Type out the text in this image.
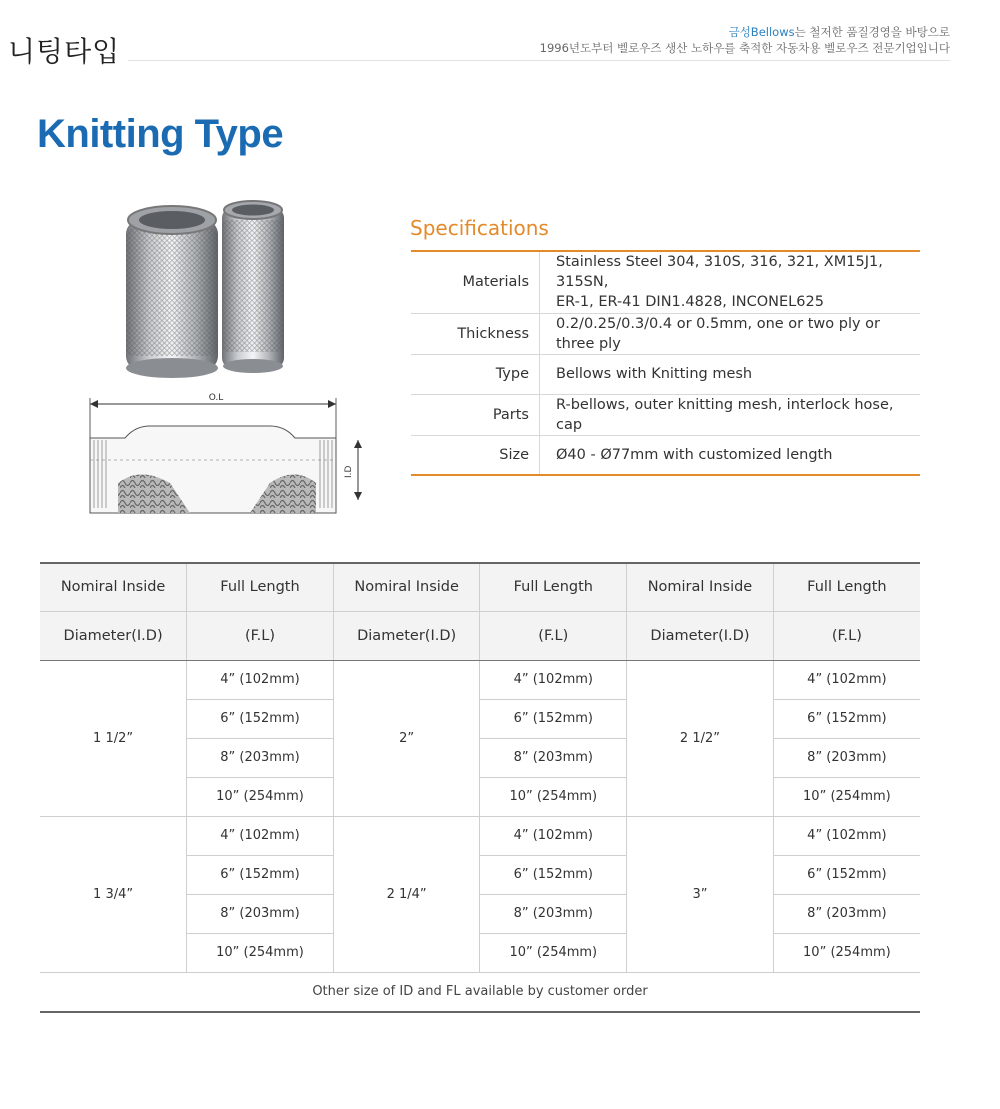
니팅타입
금성Bellows는 철저한 품질경영을 바탕으로
1996년도부터 벨로우즈 생산 노하우를 축적한 자동차용 벨로우즈 전문기업입니다
Knitting Type
O.L
I.D
Specifications
Materials	Stainless Steel 304, 310S, 316, 321, XM15J1, 315SN,
ER-1, ER-41 DIN1.4828, INCONEL625

Thickness	0.2/0.25/0.3/0.4 or 0.5mm, one or two ply or three ply
Type	Bellows with Knitting mesh
Parts	R-bellows, outer knitting mesh, interlock hose, cap
Size	Ø40 - Ø77mm with customized length
Nomiral Inside	Full Length	Nomiral Inside	Full Length	Nomiral Inside	Full Length
Diameter(I.D)	(F.L)	Diameter(I.D)	(F.L)	Diameter(I.D)	(F.L)
1 1/2”	4” (102mm)	2”	4” (102mm)	2 1/2”	4” (102mm)
	6” (152mm)		6” (152mm)		6” (152mm)
	8” (203mm)		8” (203mm)		8” (203mm)
	10” (254mm)		10” (254mm)		10” (254mm)
1 3/4”	4” (102mm)	2 1/4”	4” (102mm)	3”	4” (102mm)
	6” (152mm)		6” (152mm)		6” (152mm)
	8” (203mm)		8” (203mm)		8” (203mm)
	10” (254mm)		10” (254mm)		10” (254mm)
Other size of ID and FL available by customer order					
